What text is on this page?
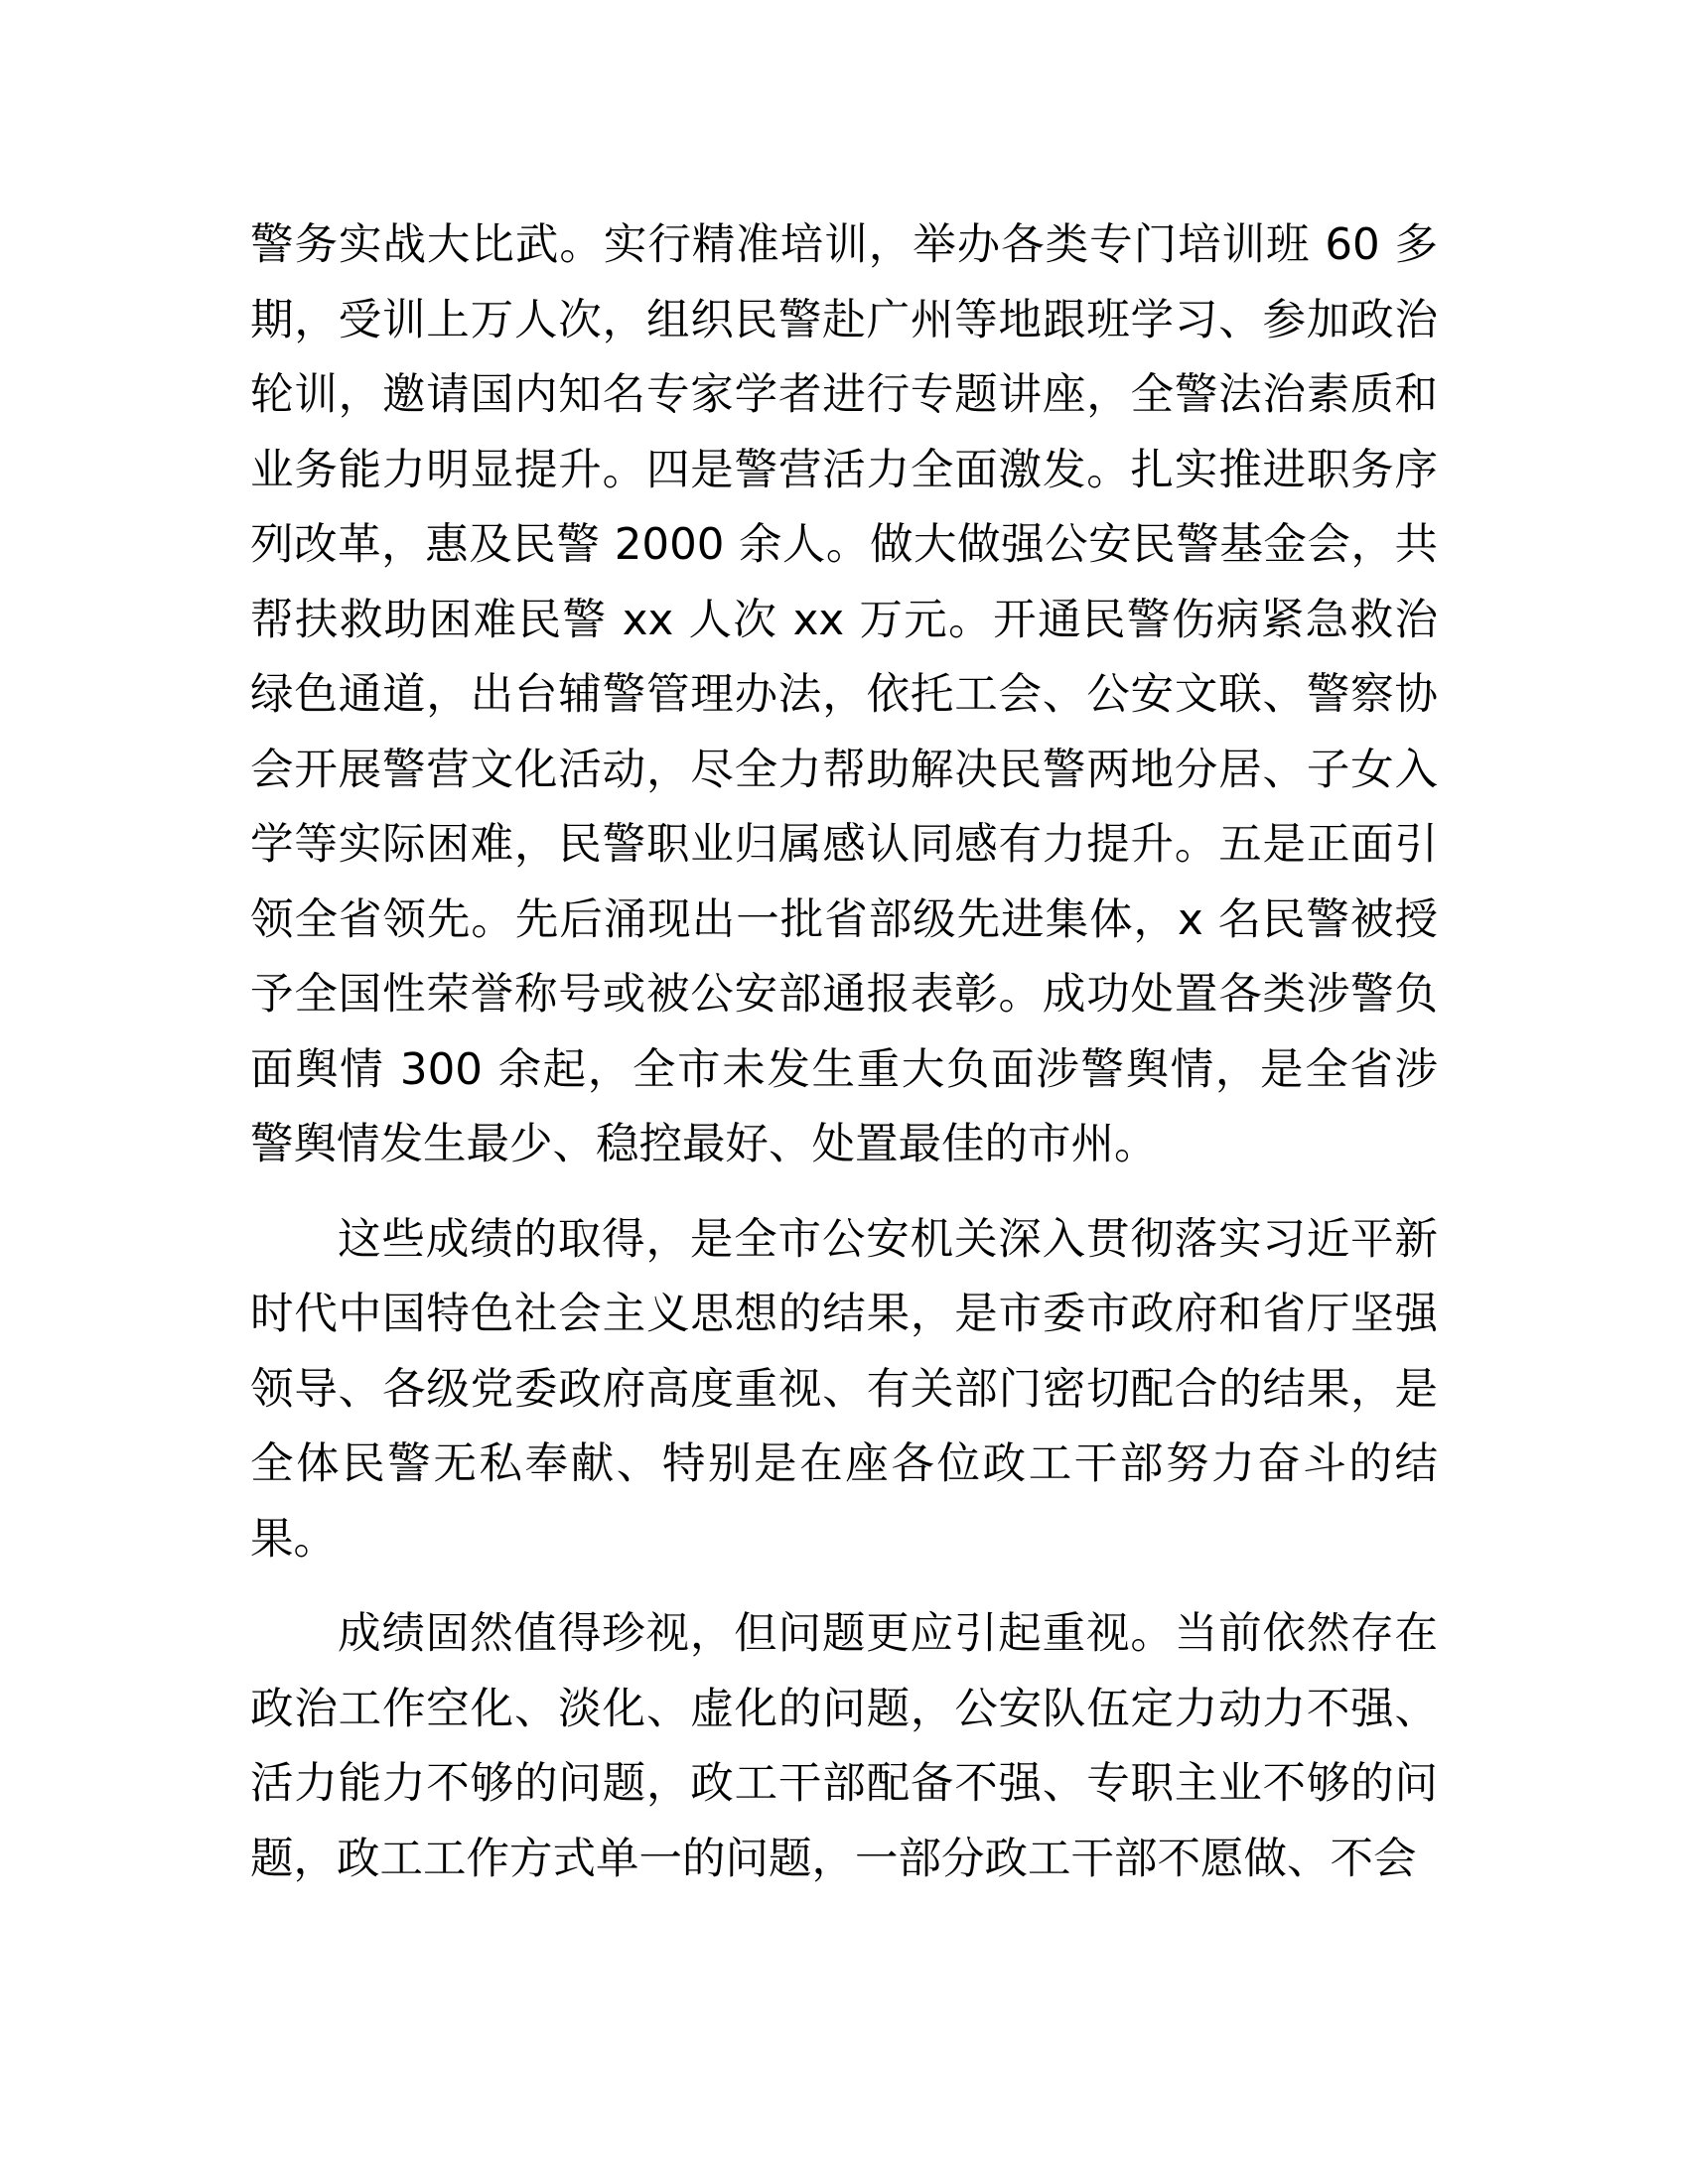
警务实战大比武。实行精准培训，举办各类专门培训班 60 多期，受训上万人次，组织民警赴广州等地跟班学习、参加政治轮训，邀请国内知名专家学者进行专题讲座，全警法治素质和业务能力明显提升。四是警营活力全面激发。扎实推进职务序列改革，惠及民警 2000 余人。做大做强公安民警基金会，共帮扶救助困难民警 xx 人次 xx 万元。开通民警伤病紧急救治绿色通道，出台辅警管理办法，依托工会、公安文联、警察协会开展警营文化活动，尽全力帮助解决民警两地分居、子女入学等实际困难，民警职业归属感认同感有力提升。五是正面引领全省领先。先后涌现出一批省部级先进集体，x 名民警被授予全国性荣誉称号或被公安部通报表彰。成功处置各类涉警负面舆情 300 余起，全市未发生重大负面涉警舆情，是全省涉警舆情发生最少、稳控最好、处置最佳的市州。

这些成绩的取得，是全市公安机关深入贯彻落实习近平新时代中国特色社会主义思想的结果，是市委市政府和省厅坚强领导、各级党委政府高度重视、有关部门密切配合的结果，是全体民警无私奉献、特别是在座各位政工干部努力奋斗的结果。

成绩固然值得珍视，但问题更应引起重视。当前依然存在政治工作空化、淡化、虚化的问题，公安队伍定力动力不强、活力能力不够的问题，政工干部配备不强、专职主业不够的问题，政工工作方式单一的问题，一部分政工干部不愿做、不会
